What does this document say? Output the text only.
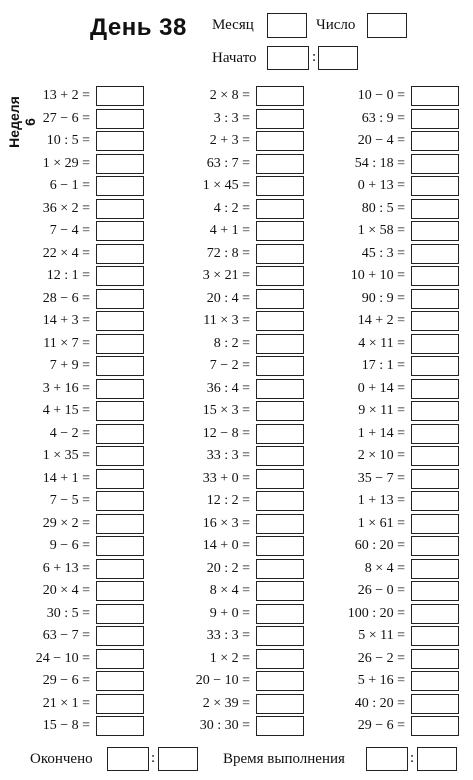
День 38 Месяц	Число
Начато	:
Неделя 6
13 + 2 =
27 − 6 =
10 : 5 =
1 × 29 =
6 − 1 =
36 × 2 =
7 − 4 =
22 × 4 =
12 : 1 =
28 − 6 =
14 + 3 =
11 × 7 =
7 + 9 =
3 + 16 =
4 + 15 =
4 − 2 =
1 × 35 =
14 + 1 =
7 − 5 =
29 × 2 =
9 − 6 =
6 + 13 =
20 × 4 =
30 : 5 =
63 − 7 =
24 − 10 =
29 − 6 =
21 × 1 =
15 − 8 =
2 × 8 =
3 : 3 =
2 + 3 =
63 : 7 =
1 × 45 =
4 : 2 =
4 + 1 =
72 : 8 =
3 × 21 =
20 : 4 =
11 × 3 =
8 : 2 =
7 − 2 =
36 : 4 =
15 × 3 =
12 − 8 =
33 : 3 =
33 + 0 =
12 : 2 =
16 × 3 =
14 + 0 =
20 : 2 =
8 × 4 =
9 + 0 =
33 : 3 =
1 × 2 =
20 − 10 =
2 × 39 =
30 : 30 =
10 − 0 =
63 : 9 =
20 − 4 =
54 : 18 =
0 + 13 =
80 : 5 =
1 × 58 =
45 : 3 =
10 + 10 =
90 : 9 =
14 + 2 =
4 × 11 =
17 : 1 =
0 + 14 =
9 × 11 =
1 + 14 =
2 × 10 =
35 − 7 =
1 + 13 =
1 × 61 =
60 : 20 =
8 × 4 =
26 − 0 =
100 : 20 =
5 × 11 =
26 − 2 =
5 + 16 =
40 : 20 =
29 − 6 =
Окончено	:	Время выполнения	:
